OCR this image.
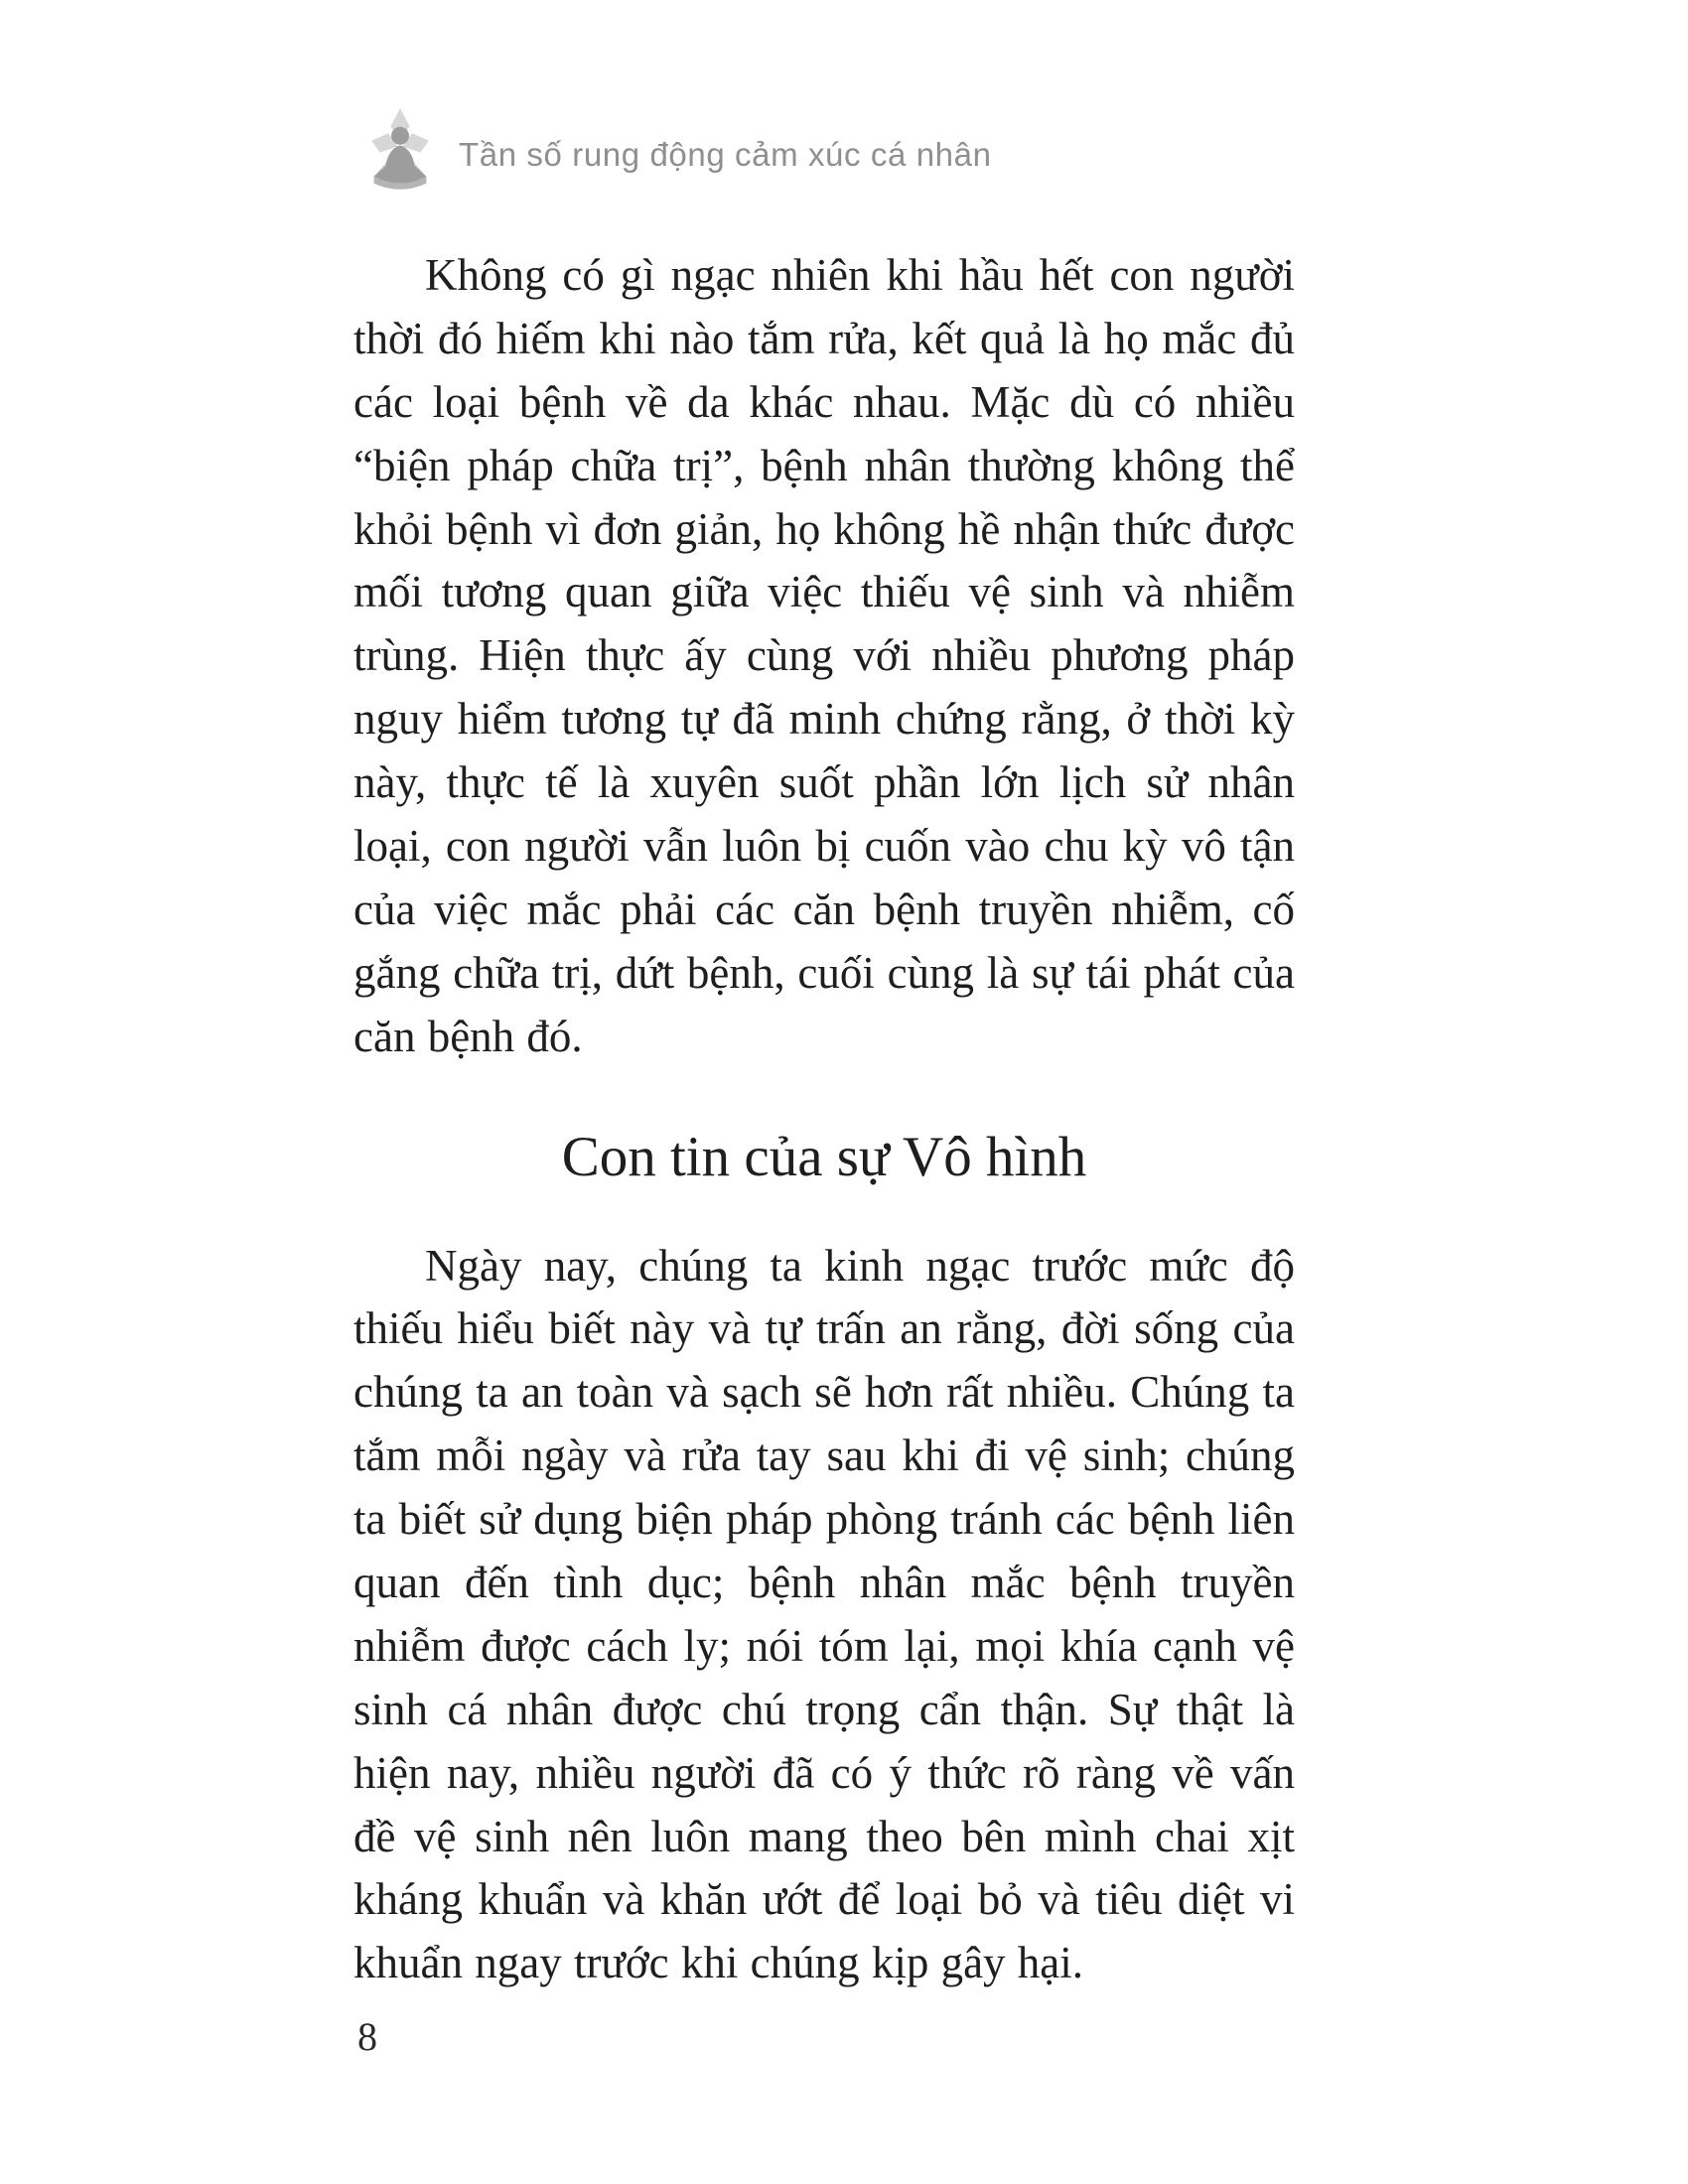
Tần số rung động cảm xúc cá nhân

Không có gì ngạc nhiên khi hầu hết con người thời đó hiếm khi nào tắm rửa, kết quả là họ mắc đủ các loại bệnh về da khác nhau. Mặc dù có nhiều “biện pháp chữa trị”, bệnh nhân thường không thể khỏi bệnh vì đơn giản, họ không hề nhận thức được mối tương quan giữa việc thiếu vệ sinh và nhiễm trùng. Hiện thực ấy cùng với nhiều phương pháp nguy hiểm tương tự đã minh chứng rằng, ở thời kỳ này, thực tế là xuyên suốt phần lớn lịch sử nhân loại, con người vẫn luôn bị cuốn vào chu kỳ vô tận của việc mắc phải các căn bệnh truyền nhiễm, cố gắng chữa trị, dứt bệnh, cuối cùng là sự tái phát của căn bệnh đó.

Con tin của sự Vô hình

Ngày nay, chúng ta kinh ngạc trước mức độ thiếu hiểu biết này và tự trấn an rằng, đời sống của chúng ta an toàn và sạch sẽ hơn rất nhiều. Chúng ta tắm mỗi ngày và rửa tay sau khi đi vệ sinh; chúng ta biết sử dụng biện pháp phòng tránh các bệnh liên quan đến tình dục; bệnh nhân mắc bệnh truyền nhiễm được cách ly; nói tóm lại, mọi khía cạnh vệ sinh cá nhân được chú trọng cẩn thận. Sự thật là hiện nay, nhiều người đã có ý thức rõ ràng về vấn đề vệ sinh nên luôn mang theo bên mình chai xịt kháng khuẩn và khăn ướt để loại bỏ và tiêu diệt vi khuẩn ngay trước khi chúng kịp gây hại.

8
